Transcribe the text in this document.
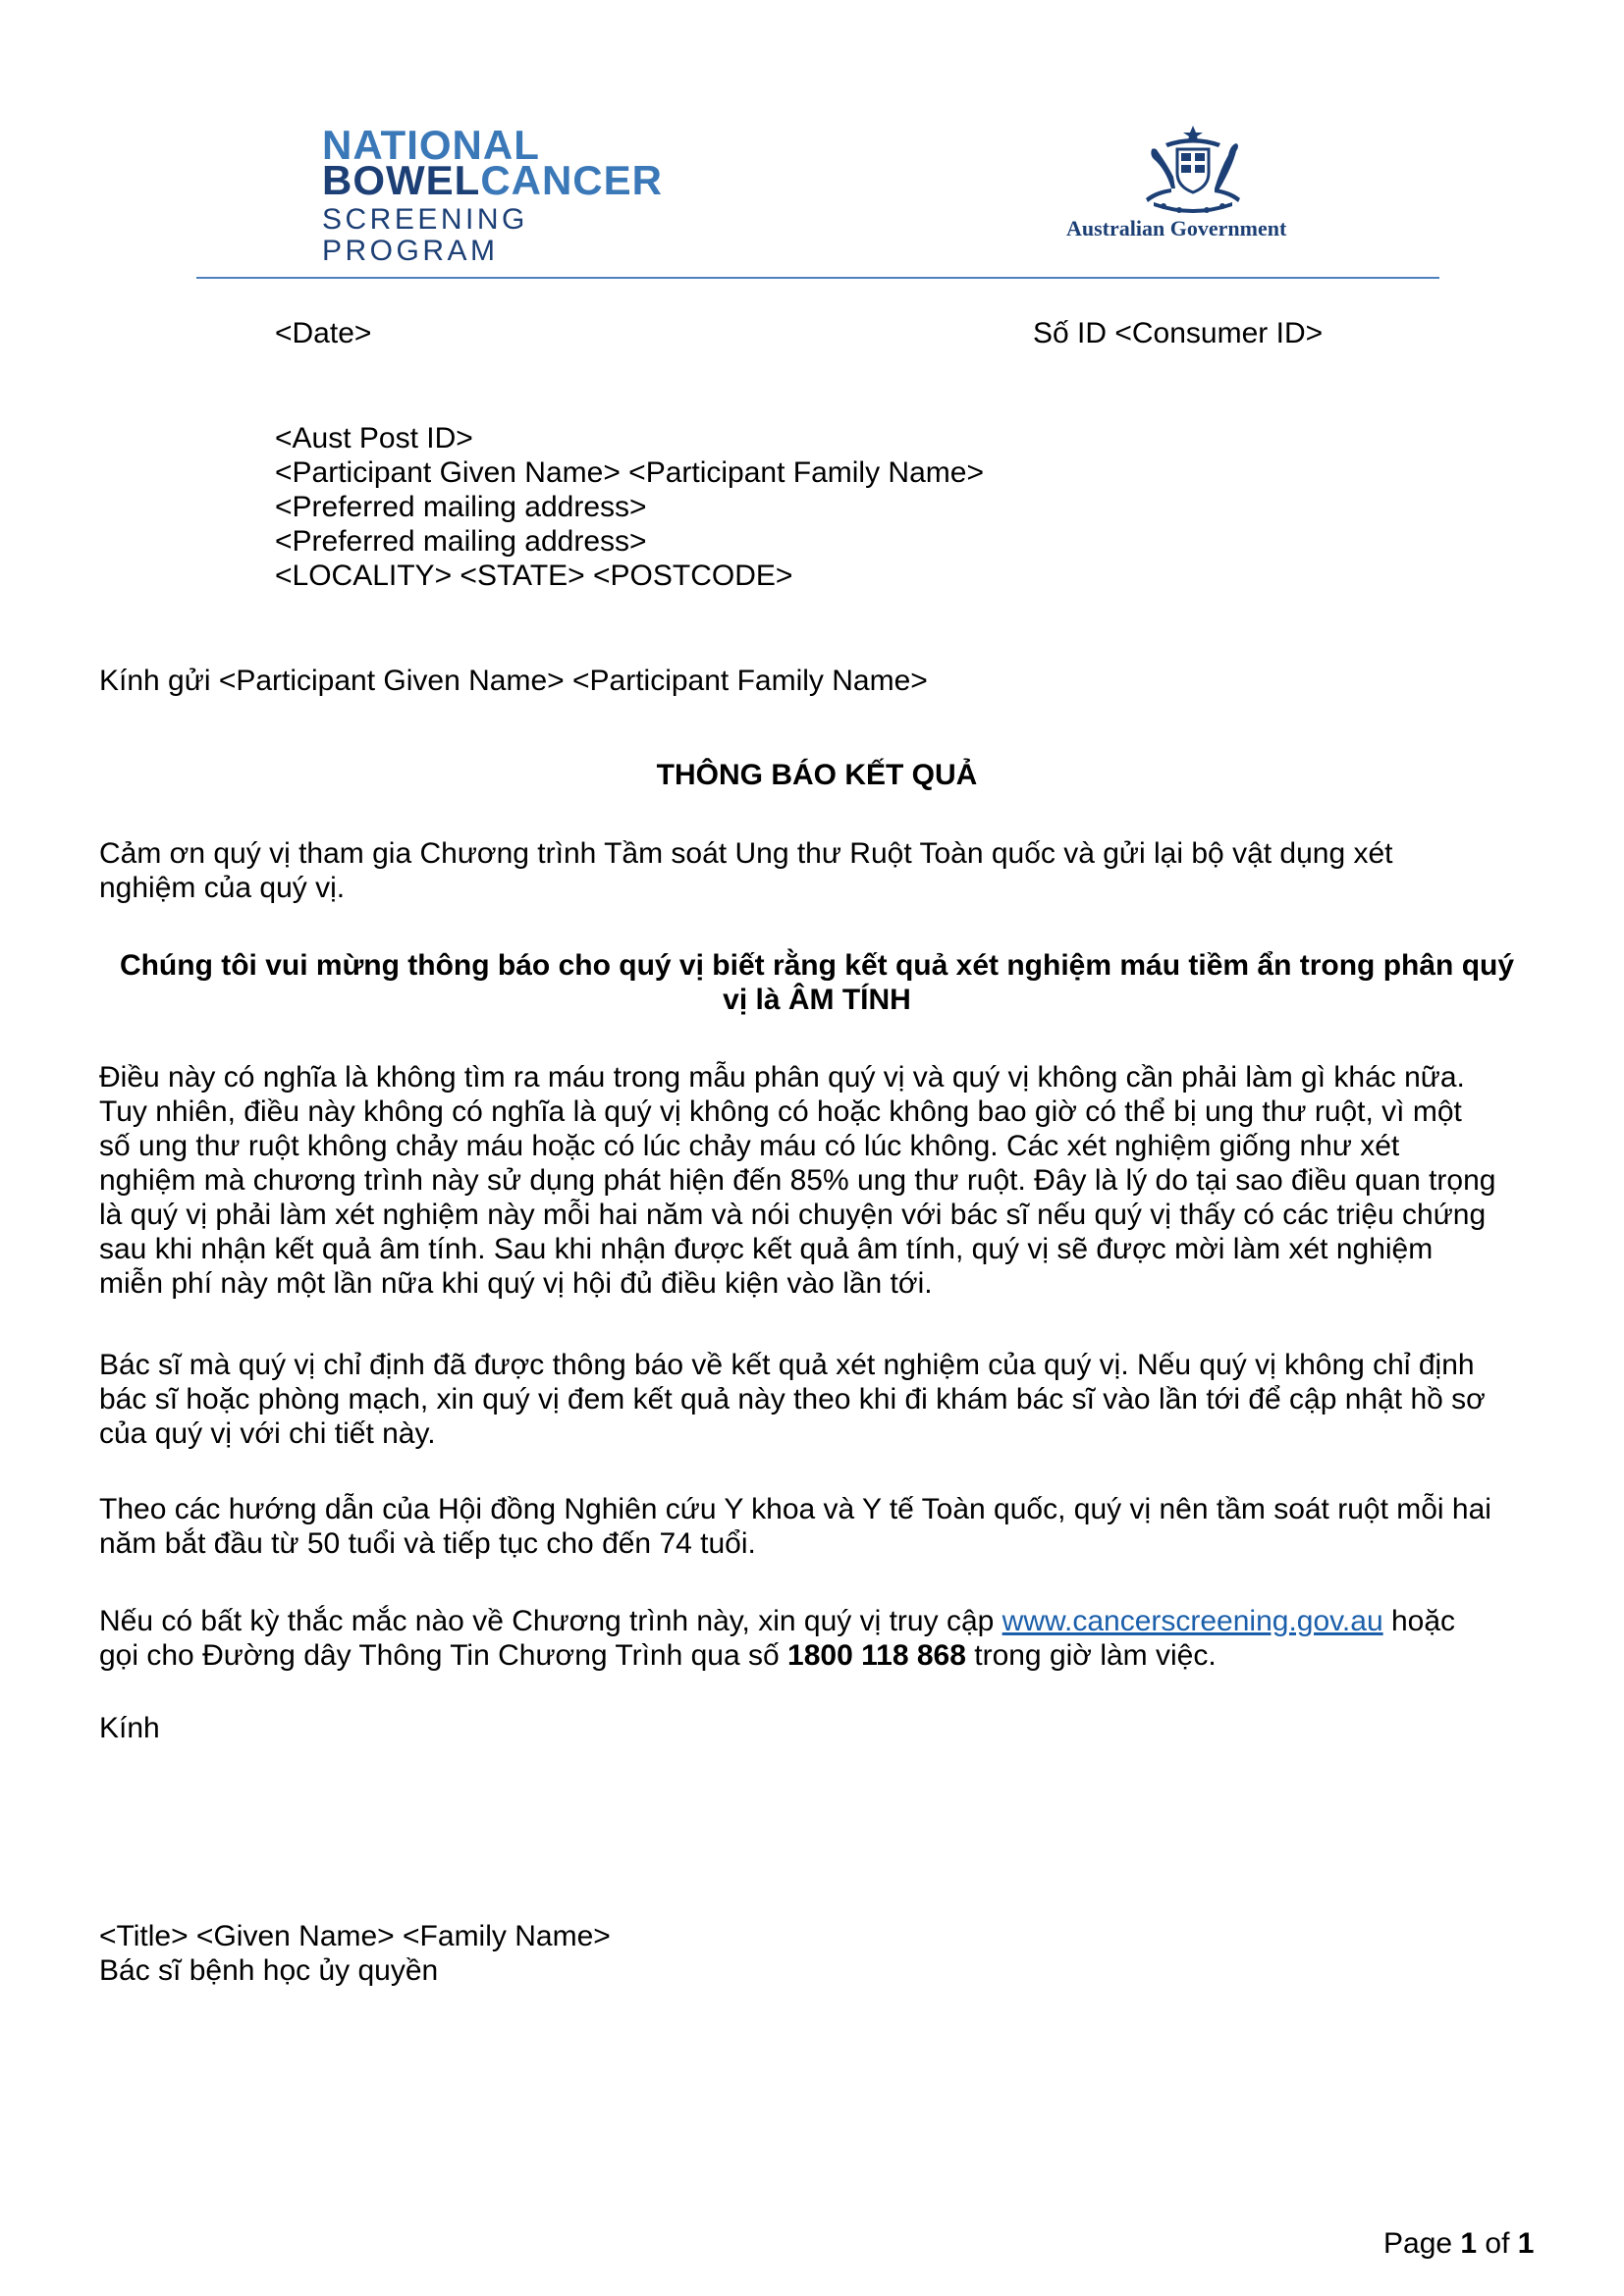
NATIONAL
BOWELCANCER
SCREENING PROGRAM
Australian Government
<Date>	Số ID <Consumer ID>
<Aust Post ID>
<Participant Given Name> <Participant Family Name>
<Preferred mailing address>
<Preferred mailing address>
<LOCALITY> <STATE> <POSTCODE>
Kính gửi <Participant Given Name> <Participant Family Name>
THÔNG BÁO KẾT QUẢ
Cảm ơn quý vị tham gia Chương trình Tầm soát Ung thư Ruột Toàn quốc và gửi lại bộ vật dụng xét
nghiệm của quý vị.
Chúng tôi vui mừng thông báo cho quý vị biết rằng kết quả xét nghiệm máu tiềm ẩn trong phân quý
vị là ÂM TÍNH
Điều này có nghĩa là không tìm ra máu trong mẫu phân quý vị và quý vị không cần phải làm gì khác nữa.
Tuy nhiên, điều này không có nghĩa là quý vị không có hoặc không bao giờ có thể bị ung thư ruột, vì một
số ung thư ruột không chảy máu hoặc có lúc chảy máu có lúc không. Các xét nghiệm giống như xét
nghiệm mà chương trình này sử dụng phát hiện đến 85% ung thư ruột. Đây là lý do tại sao điều quan trọng
là quý vị phải làm xét nghiệm này mỗi hai năm và nói chuyện với bác sĩ nếu quý vị thấy có các triệu chứng
sau khi nhận kết quả âm tính. Sau khi nhận được kết quả âm tính, quý vị sẽ được mời làm xét nghiệm
miễn phí này một lần nữa khi quý vị hội đủ điều kiện vào lần tới.
Bác sĩ mà quý vị chỉ định đã được thông báo về kết quả xét nghiệm của quý vị. Nếu quý vị không chỉ định
bác sĩ hoặc phòng mạch, xin quý vị đem kết quả này theo khi đi khám bác sĩ vào lần tới để cập nhật hồ sơ
của quý vị với chi tiết này.
Theo các hướng dẫn của Hội đồng Nghiên cứu Y khoa và Y tế Toàn quốc, quý vị nên tầm soát ruột mỗi hai
năm bắt đầu từ 50 tuổi và tiếp tục cho đến 74 tuổi.
Nếu có bất kỳ thắc mắc nào về Chương trình này, xin quý vị truy cập www.cancerscreening.gov.au hoặc
gọi cho Đường dây Thông Tin Chương Trình qua số 1800 118 868 trong giờ làm việc.
Kính
<Title> <Given Name> <Family Name>
Bác sĩ bệnh học ủy quyền
Page 1 of 1
